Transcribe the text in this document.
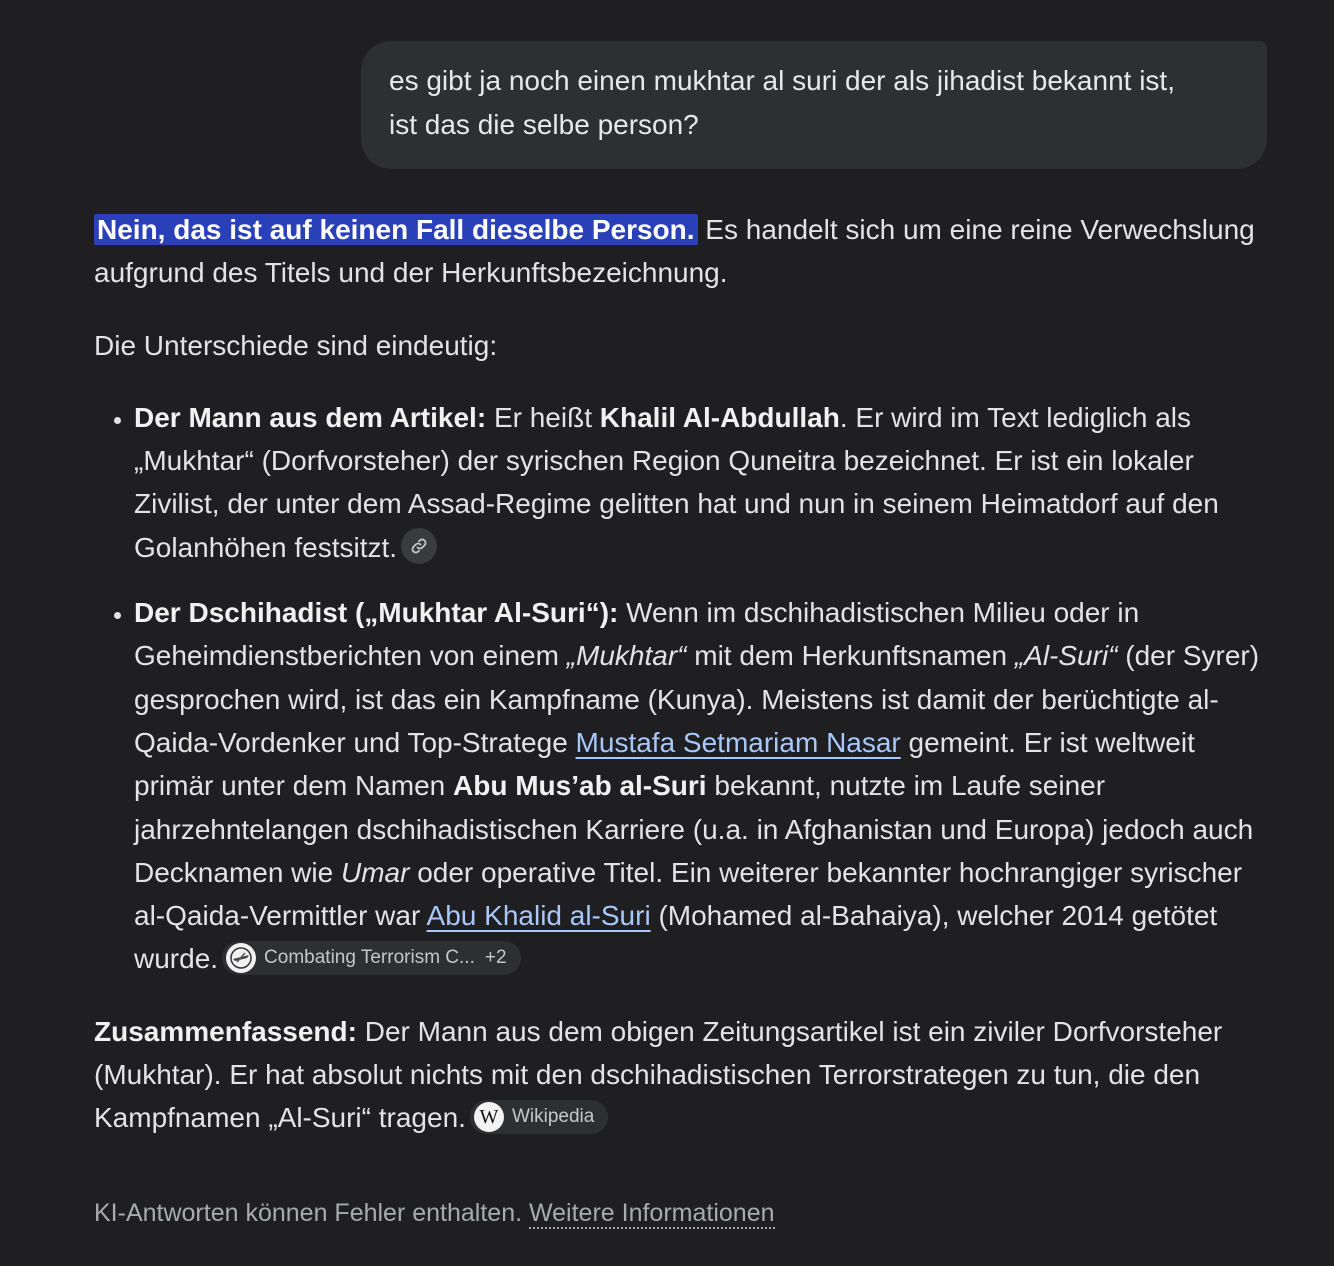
es gibt ja noch einen mukhtar al suri der als jihadist bekannt ist,
ist das die selbe person?

Nein, das ist auf keinen Fall dieselbe Person. Es handelt sich um eine reine Verwechslung aufgrund des Titels und der Herkunftsbezeichnung.

Die Unterschiede sind eindeutig:

• Der Mann aus dem Artikel: Er heißt Khalil Al-Abdullah. Er wird im Text lediglich als „Mukhtar“ (Dorfvorsteher) der syrischen Region Quneitra bezeichnet. Er ist ein lokaler Zivilist, der unter dem Assad-Regime gelitten hat und nun in seinem Heimatdorf auf den Golanhöhen festsitzt.
• Der Dschihadist („Mukhtar Al-Suri“): Wenn im dschihadistischen Milieu oder in Geheimdienstberichten von einem „Mukhtar“ mit dem Herkunftsnamen „Al-Suri“ (der Syrer) gesprochen wird, ist das ein Kampfname (Kunya). Meistens ist damit der berüchtigte al-Qaida-Vordenker und Top-Stratege Mustafa Setmariam Nasar gemeint. Er ist weltweit primär unter dem Namen Abu Mus’ab al-Suri bekannt, nutzte im Laufe seiner jahrzehntelangen dschihadistischen Karriere (u.a. in Afghanistan und Europa) jedoch auch Decknamen wie Umar oder operative Titel. Ein weiterer bekannter hochrangiger syrischer al-Qaida-Vermittler war Abu Khalid al-Suri (Mohamed al-Bahaiya), welcher 2014 getötet wurde. Combating Terrorism C... +2

Zusammenfassend: Der Mann aus dem obigen Zeitungsartikel ist ein ziviler Dorfvorsteher (Mukhtar). Er hat absolut nichts mit den dschihadistischen Terrorstrategen zu tun, die den Kampfnamen „Al-Suri“ tragen. W Wikipedia

KI-Antworten können Fehler enthalten. Weitere Informationen
